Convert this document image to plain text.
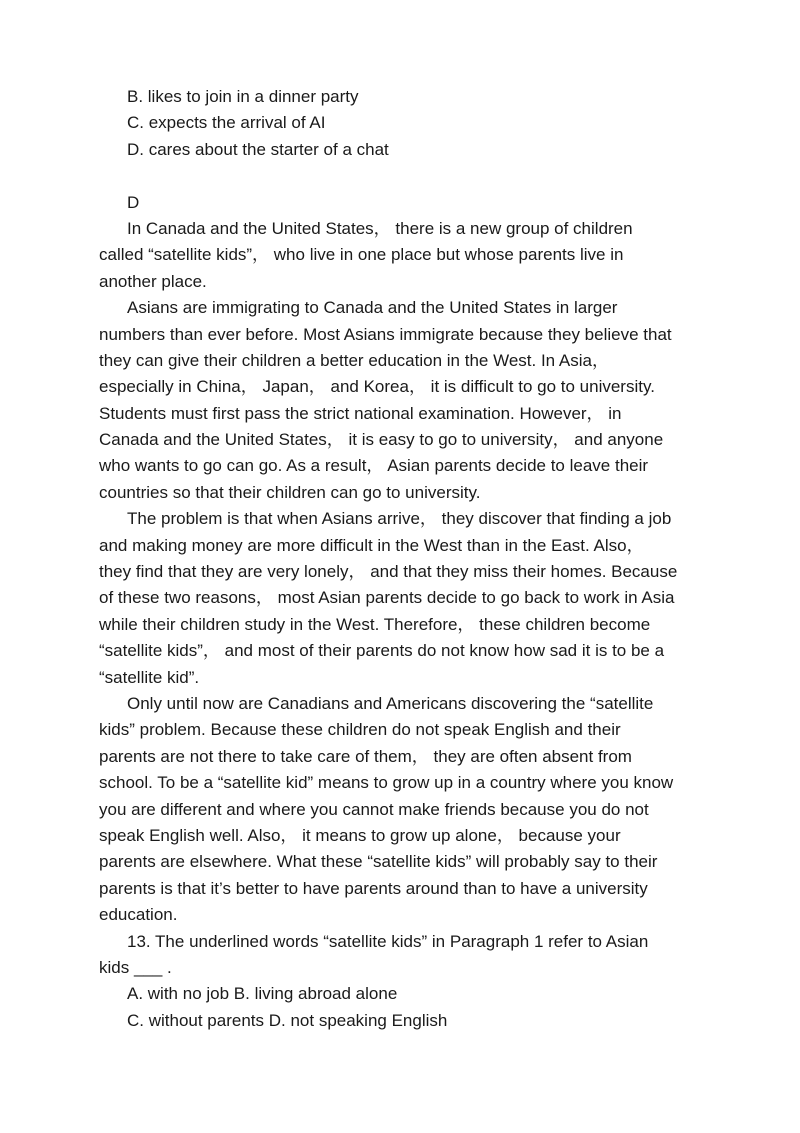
B. likes to join in a dinner party
C. expects the arrival of AI
D. cares about the starter of a chat
D
In Canada and the United States， there is a new group of children
called “satellite kids”， who live in one place but whose parents live in
another place.
Asians are immigrating to Canada and the United States in larger
numbers than ever before. Most Asians immigrate because they believe that
they can give their children a better education in the West. In Asia，
especially in China， Japan， and Korea， it is difficult to go to university.
Students must first pass the strict national examination. However， in
Canada and the United States， it is easy to go to university， and anyone
who wants to go can go. As a result， Asian parents decide to leave their
countries so that their children can go to university.
The problem is that when Asians arrive， they discover that finding a job
and making money are more difficult in the West than in the East. Also，
they find that they are very lonely， and that they miss their homes. Because
of these two reasons， most Asian parents decide to go back to work in Asia
while their children study in the West. Therefore， these children become
“satellite kids”， and most of their parents do not know how sad it is to be a
“satellite kid”.
Only until now are Canadians and Americans discovering the “satellite
kids” problem. Because these children do not speak English and their
parents are not there to take care of them， they are often absent from
school. To be a “satellite kid” means to grow up in a country where you know
you are different and where you cannot make friends because you do not
speak English well. Also， it means to grow up alone， because your
parents are elsewhere. What these “satellite kids” will probably say to their
parents is that it’s better to have parents around than to have a university
education.
13. The underlined words “satellite kids” in Paragraph 1 refer to Asian
kids ___ .
A. with no job B. living abroad alone
C. without parents D. not speaking English
